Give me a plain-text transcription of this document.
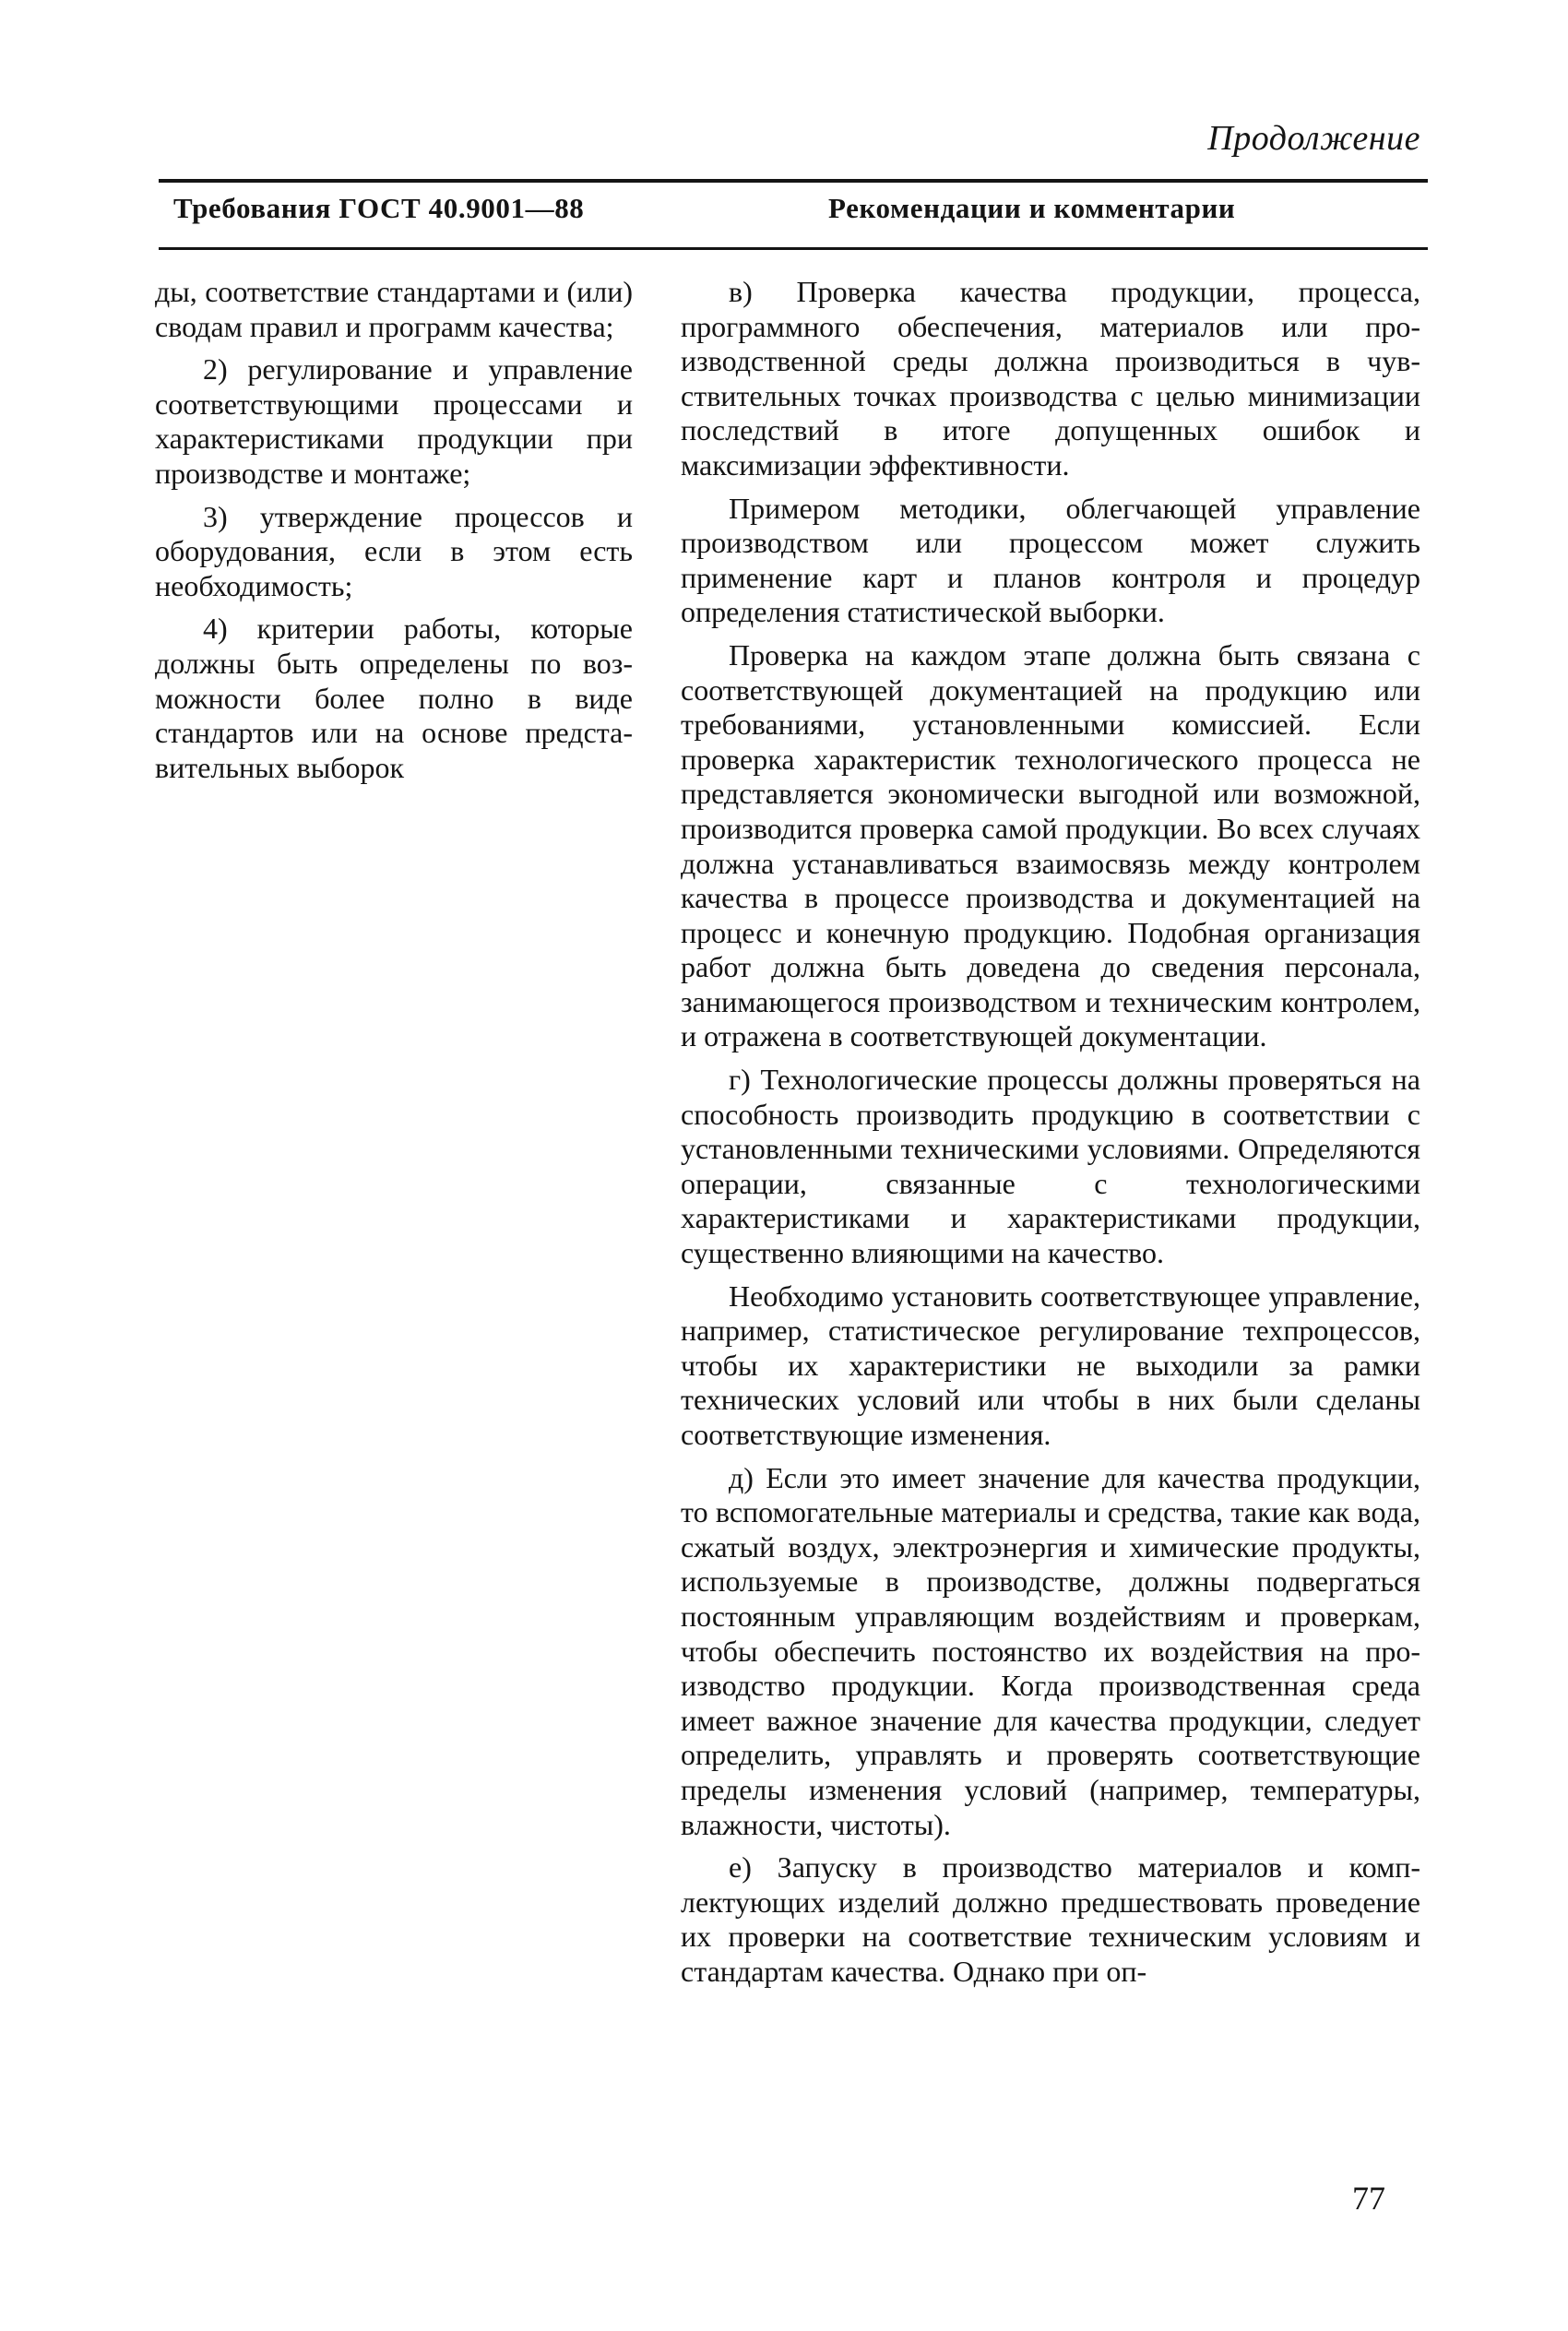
Продолжение
Требования ГОСТ 40.9001—88	Рекомендации и комментарии

ды, соответствие стандартами и (или) сводам правил и программ качества;

2) регулирование и управление соответствующими процессами и характеристиками продукции при производстве и монтаже;

3) утверждение процессов и оборудования, если в этом есть необходимость;

4) критерии работы, которые должны быть определены по возможности более полно в виде стандартов или на основе представительных выборок

в) Проверка качества продукции, процесса, программного обеспечения, материалов или производственной среды должна производиться в чувствительных точках производства с целью минимизации последствий в итоге допущенных ошибок и максимизации эффективности.

Примером методики, облегчающей управление производством или процессом может служить применение карт и планов контроля и процедур определения статистической выборки.

Проверка на каждом этапе должна быть связана с соответствующей документацией на продукцию или требованиями, установленными комиссией. Если проверка характеристик технологического процесса не представляется экономически выгодной или возможной, производится проверка самой продукции. Во всех случаях должна устанавливаться взаимосвязь между контролем качества в процессе производства и документацией на процесс и конечную продукцию. Подобная организация работ должна быть доведена до сведения персонала, занимающегося производством и техническим контролем, и отражена в соответствующей документации.

г) Технологические процессы должны проверяться на способность производить продукцию в соответствии с установленными техническими условиями. Определяются операции, связанные с технологическими характеристиками и характеристиками продукции, существенно влияющими на качество.

Необходимо установить соответствующее управление, например, статистическое регулирование техпроцессов, чтобы их характеристики не выходили за рамки технических условий или чтобы в них были сделаны соответствующие изменения.

д) Если это имеет значение для качества продукции, то вспомогательные материалы и средства, такие как вода, сжатый воздух, электроэнергия и химические продукты, используемые в производстве, должны подвергаться постоянным управляющим воздействиям и проверкам, чтобы обеспечить постоянство их воздействия на производство продукции. Когда производственная среда имеет важное значение для качества продукции, следует определить, управлять и проверять соответствующие пределы изменения условий (например, температуры, влажности, чистоты).

е) Запуску в производство материалов и комплектующих изделий должно предшествовать проведение их проверки на соответствие техническим условиям и стандартам качества. Однако при оп-

77
